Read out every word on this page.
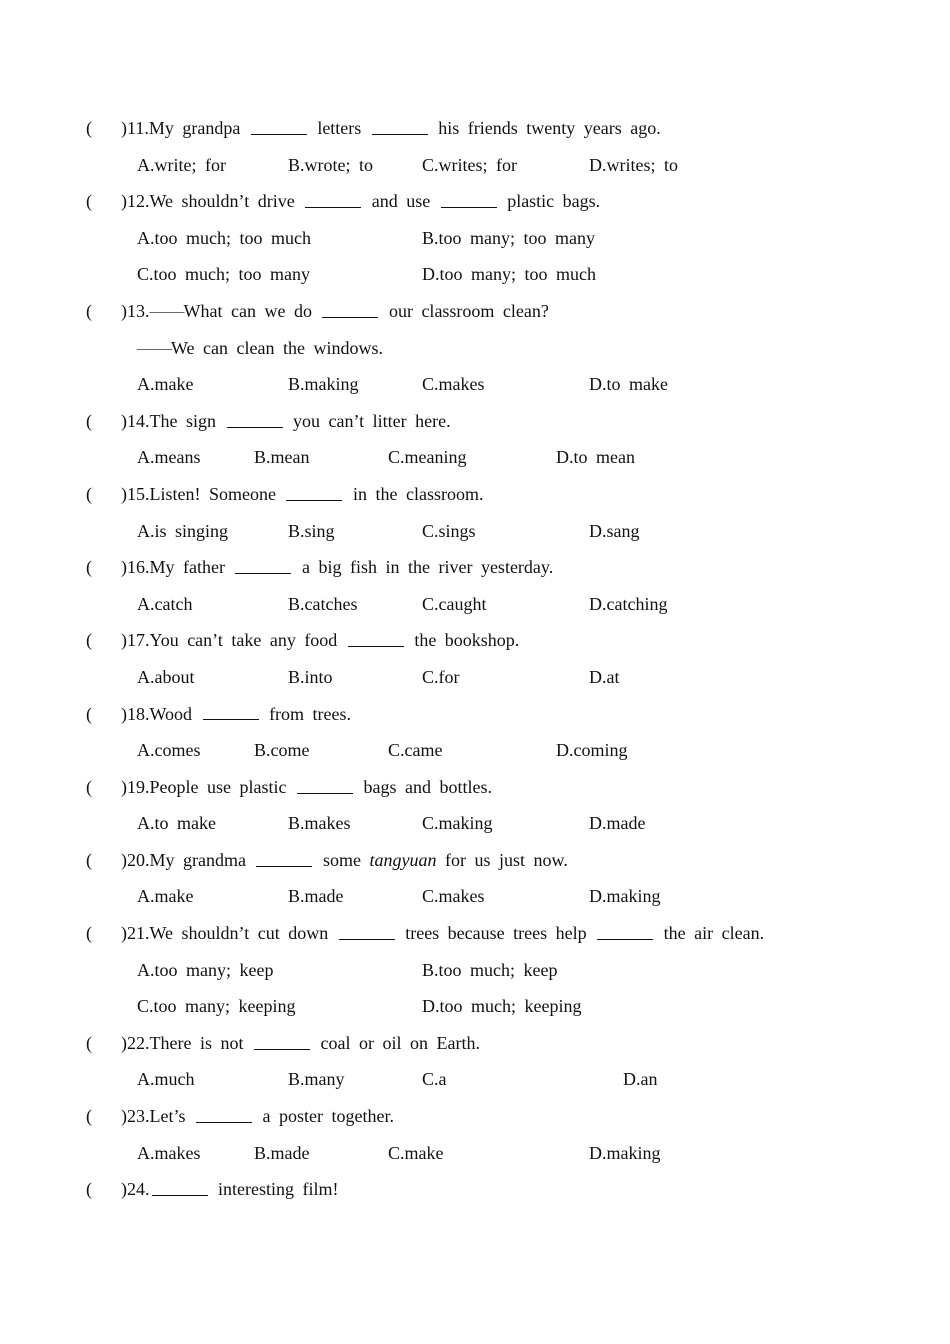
( )11.My grandpa	letters	his friends twenty years ago.
A.write; for	B.wrote; to	C.writes; for	D.writes; to
( )12.We shouldn’t drive	and use	plastic bags.
A.too much; too much	B.too many; too many
C.too much; too many	D.too many; too much
( )13.——What can we do	our classroom clean?
——We can clean the windows.
A.make	B.making	C.makes	D.to make
( )14.The sign	you can’t litter here.
A.means	B.mean	C.meaning	D.to mean
( )15.Listen! Someone	in the classroom.
A.is singing	B.sing	C.sings	D.sang
( )16.My father	a big fish in the river yesterday.
A.catch	B.catches	C.caught	D.catching
( )17.You can’t take any food	the bookshop.
A.about	B.into	C.for	D.at
( )18.Wood	from trees.
A.comes	B.come	C.came	D.coming
( )19.People use plastic	bags and bottles.
A.to make	B.makes	C.making	D.made
( )20.My grandma	some tangyuan for us just now.
A.make	B.made	C.makes	D.making
( )21.We shouldn’t cut down	trees because trees help	the air clean.
A.too many; keep	B.too much; keep
C.too many; keeping	D.too much; keeping
( )22.There is not	coal or oil on Earth.
A.much	B.many	C.a	D.an
( )23.Let’s	a poster together.
A.makes	B.made	C.make	D.making
( )24.	interesting film!
